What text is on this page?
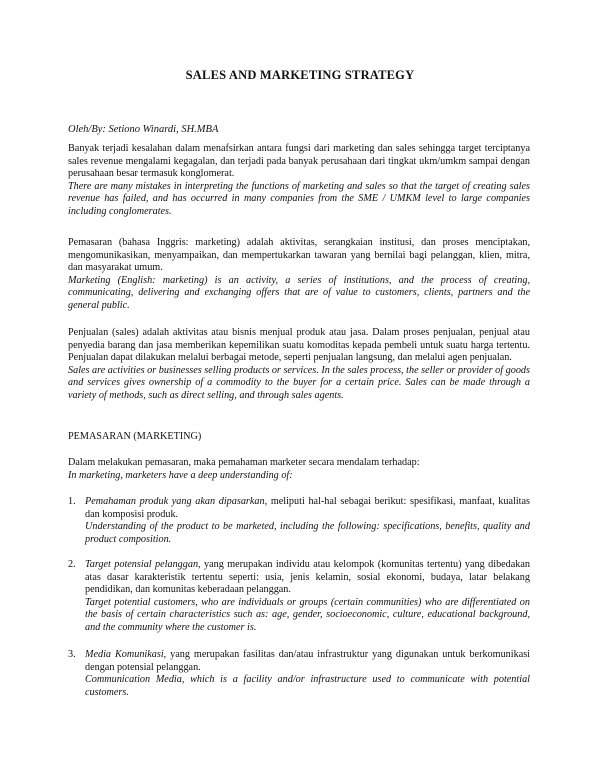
SALES AND MARKETING STRATEGY
Oleh/By: Setiono Winardi, SH.MBA
Banyak terjadi kesalahan dalam menafsirkan antara fungsi dari marketing dan sales sehingga target terciptanya sales revenue mengalami kegagalan, dan terjadi pada banyak perusahaan dari tingkat ukm/umkm sampai dengan perusahaan besar termasuk konglomerat.
There are many mistakes in interpreting the functions of marketing and sales so that the target of creating sales revenue has failed, and has occurred in many companies from the SME / UMKM level to large companies including conglomerates.
Pemasaran (bahasa Inggris: marketing) adalah aktivitas, serangkaian institusi, dan proses menciptakan, mengomunikasikan, menyampaikan, dan mempertukarkan tawaran yang bernilai bagi pelanggan, klien, mitra, dan masyarakat umum.
Marketing (English: marketing) is an activity, a series of institutions, and the process of creating, communicating, delivering and exchanging offers that are of value to customers, clients, partners and the general public.
Penjualan (sales) adalah aktivitas atau bisnis menjual produk atau jasa. Dalam proses penjualan, penjual atau penyedia barang dan jasa memberikan kepemilikan suatu komoditas kepada pembeli untuk suatu harga tertentu. Penjualan dapat dilakukan melalui berbagai metode, seperti penjualan langsung, dan melalui agen penjualan.
Sales are activities or businesses selling products or services. In the sales process, the seller or provider of goods and services gives ownership of a commodity to the buyer for a certain price. Sales can be made through a variety of methods, such as direct selling, and through sales agents.
PEMASARAN (MARKETING)
Dalam melakukan pemasaran, maka pemahaman marketer secara mendalam terhadap:
In marketing, marketers have a deep understanding of:
1. Pemahaman produk yang akan dipasarkan, meliputi hal-hal sebagai berikut: spesifikasi, manfaat, kualitas dan komposisi produk.
Understanding of the product to be marketed, including the following: specifications, benefits, quality and product composition.
2. Target potensial pelanggan, yang merupakan individu atau kelompok (komunitas tertentu) yang dibedakan atas dasar karakteristik tertentu seperti: usia, jenis kelamin, sosial ekonomi, budaya, latar belakang pendidikan, dan komunitas keberadaan pelanggan.
Target potential customers, who are individuals or groups (certain communities) who are differentiated on the basis of certain characteristics such as: age, gender, socioeconomic, culture, educational background, and the community where the customer is.
3. Media Komunikasi, yang merupakan fasilitas dan/atau infrastruktur yang digunakan untuk berkomunikasi dengan potensial pelanggan.
Communication Media, which is a facility and/or infrastructure used to communicate with potential customers.
